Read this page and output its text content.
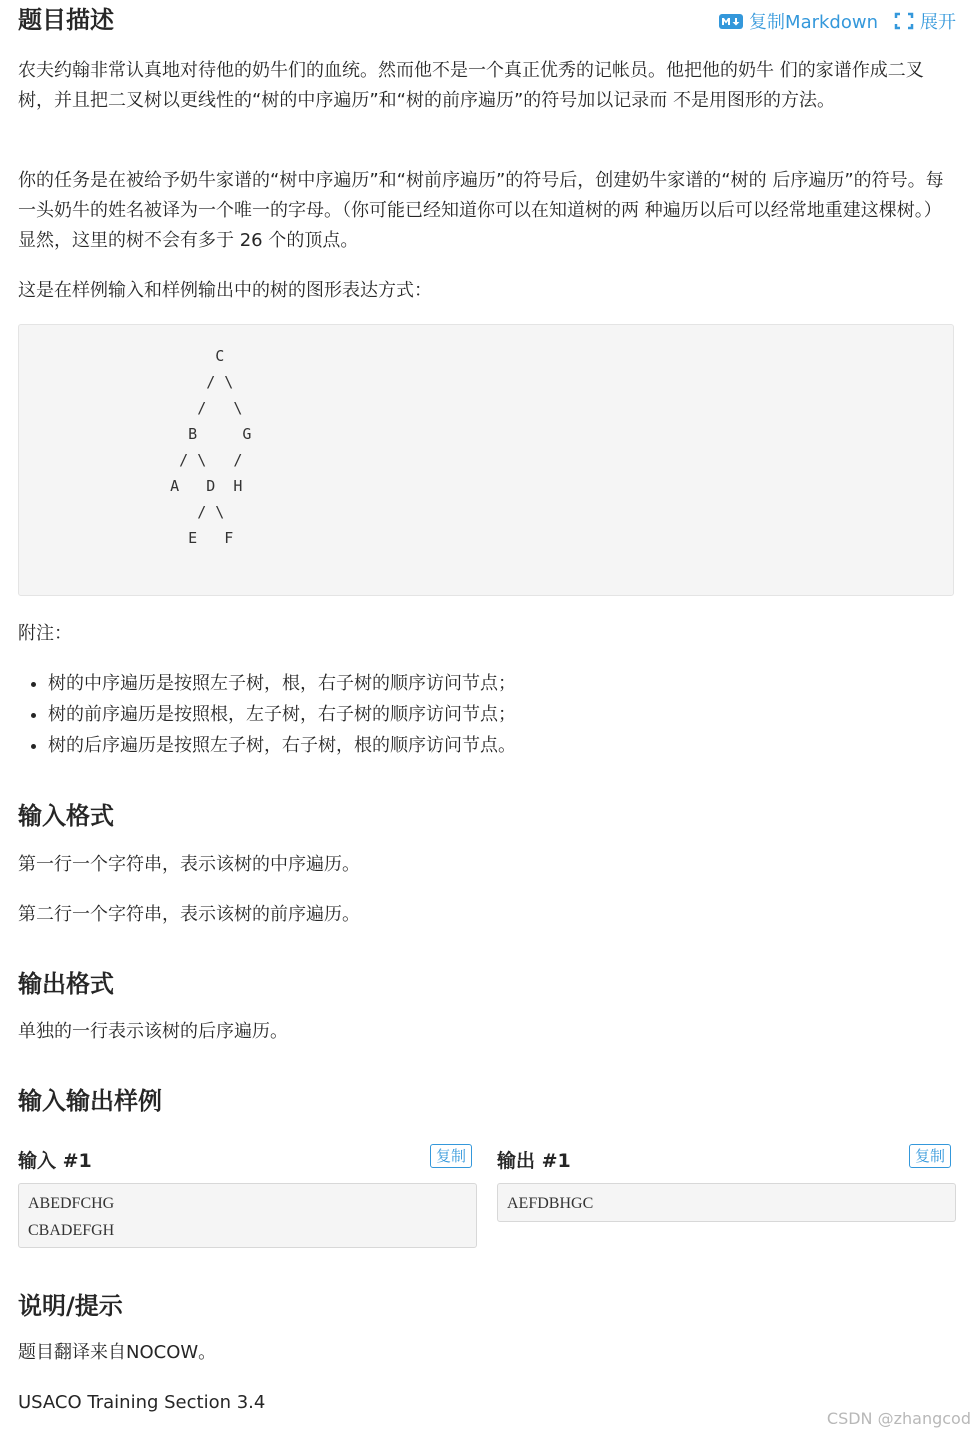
题目描述	复制Markdown 展开

农夫约翰非常认真地对待他的奶牛们的血统。然而他不是一个真正优秀的记帐员。他把他的奶牛 们的家谱作成二叉树，并且把二叉树以更线性的“树的中序遍历”和“树的前序遍历”的符号加以记录而 不是用图形的方法。

你的任务是在被给予奶牛家谱的“树中序遍历”和“树前序遍历”的符号后，创建奶牛家谱的“树的 后序遍历”的符号。每一头奶牛的姓名被译为一个唯一的字母。（你可能已经知道你可以在知道树的两 种遍历以后可以经常地重建这棵树。）显然，这里的树不会有多于 26 个的顶点。

这是在样例输入和样例输出中的树的图形表达方式：

C
/ \
/   \
B     G
/ \   /
A   D  H
/ \
E   F

附注：

• 树的中序遍历是按照左子树，根，右子树的顺序访问节点；
• 树的前序遍历是按照根，左子树，右子树的顺序访问节点；
• 树的后序遍历是按照左子树，右子树，根的顺序访问节点。
输入格式

第一行一个字符串，表示该树的中序遍历。

第二行一个字符串，表示该树的前序遍历。

输出格式

单独的一行表示该树的后序遍历。

输入输出样例
输入 #1	复制
ABEDFCHG
CBADEFGH
输出 #1	复制
AEFDBHGC
说明/提示

题目翻译来自NOCOW。

USACO Training Section 3.4

CSDN @zhangcod
